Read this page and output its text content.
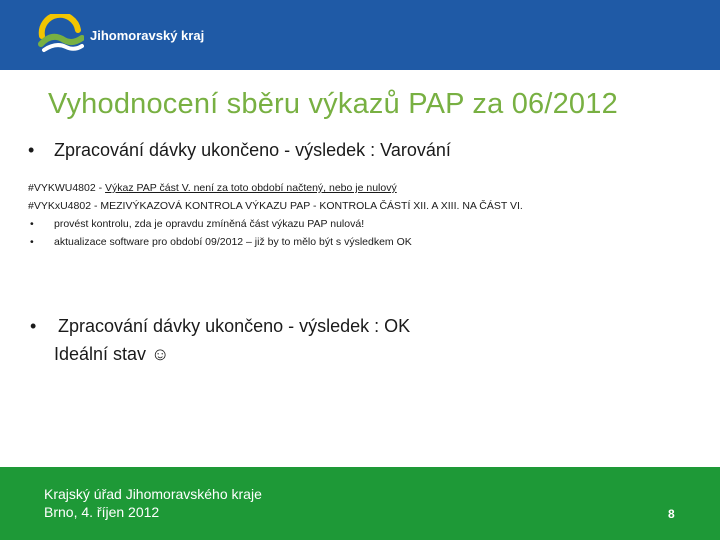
Jihomoravský kraj
Vyhodnocení sběru výkazů PAP za 06/2012
• Zpracování dávky ukončeno - výsledek : Varování
#VYKWU4802 - Výkaz PAP část V. není za toto období načtený, nebo je nulový
#VYKxU4802 - MEZIVÝKAZOVÁ KONTROLA VÝKAZU PAP - KONTROLA ČÁSTÍ XII. A XIII. NA ČÁST VI.
• provést kontrolu, zda je opravdu zmíněná část výkazu PAP nulová!
• aktualizace software pro období 09/2012 – již by to mělo být s výsledkem OK
• Zpracování dávky ukončeno - výsledek : OK
Ideální stav ☺
Krajský úřad Jihomoravského kraje
Brno, 4. říjen 2012	8
